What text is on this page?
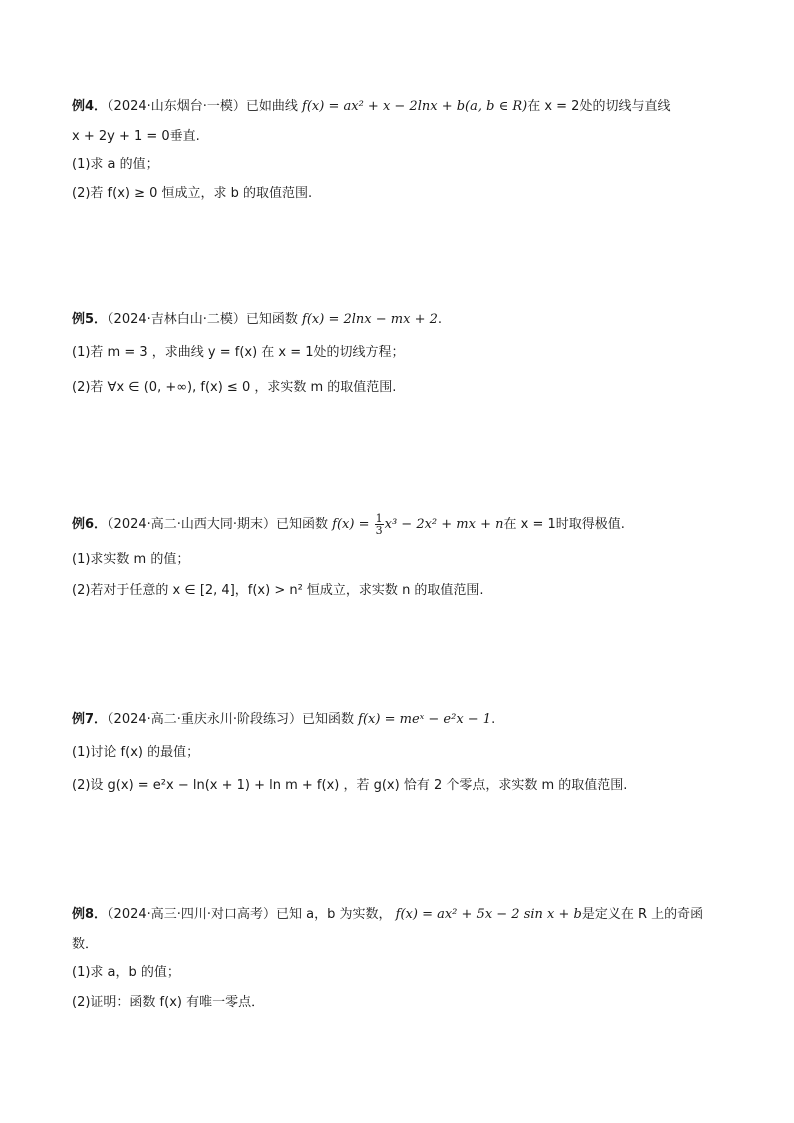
例4．（2024·山东烟台·一模）已如曲线 f(x) = ax² + x − 2lnx + b(a, b ∈ R)在 x = 2处的切线与直线
x + 2y + 1 = 0垂直.
(1)求 a 的值；
(2)若 f(x) ≥ 0 恒成立，求 b 的取值范围.
例5．（2024·吉林白山·二模）已知函数 f(x) = 2lnx − mx + 2.
(1)若 m = 3 ，求曲线 y = f(x) 在 x = 1处的切线方程；
(2)若 ∀x ∈ (0, +∞), f(x) ≤ 0 ，求实数 m 的取值范围.
例6．（2024·高二·山西大同·期末）已知函数 $f(x) = \frac{1}{3} x^3 - 2x^2$ + mx + n在 x = 1时取得极值.
(1)求实数 m 的值；
(2)若对于任意的 x ∈ [2, 4]，f(x) > n² 恒成立，求实数 n 的取值范围.
例7．（2024·高二·重庆永川·阶段练习）已知函数 f(x) = meˣ − e²x − 1.
(1)讨论 f(x) 的最值；
(2)设 g(x) = e²x − ln(x + 1) + ln m + f(x) ，若 g(x) 恰有 2 个零点，求实数 m 的取值范围.
例8．（2024·高三·四川·对口高考）已知 a，b 为实数， f(x) = ax² + 5x − 2 sin x + b是定义在 R 上的奇函
数．
(1)求 a，b 的值；
(2)证明：函数 f(x) 有唯一零点．
